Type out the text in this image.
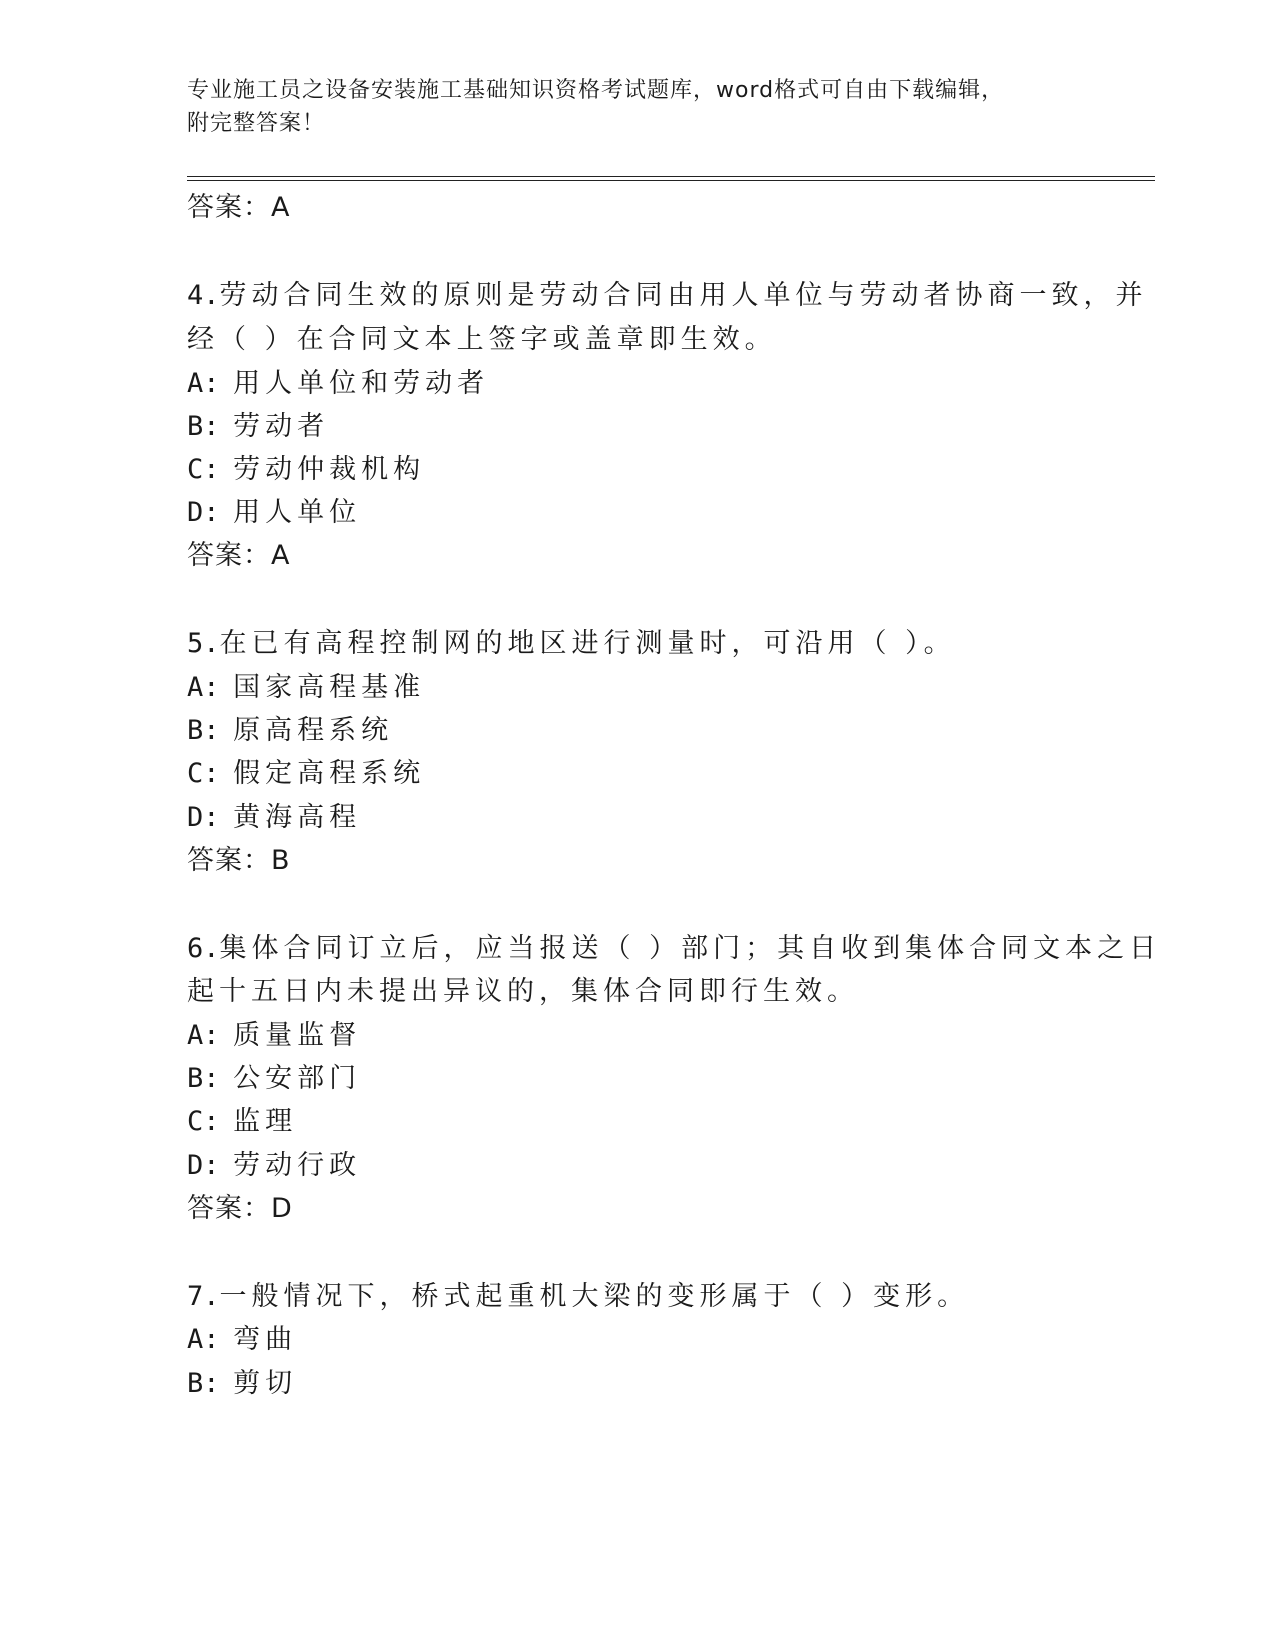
专业施工员之设备安装施工基础知识资格考试题库，word格式可自由下载编辑，
附完整答案！
答案：A
4.劳动合同生效的原则是劳动合同由用人单位与劳动者协商一致，并
经（ ）在合同文本上签字或盖章即生效。
A: 用人单位和劳动者
B: 劳动者
C: 劳动仲裁机构
D: 用人单位
答案：A
5.在已有高程控制网的地区进行测量时，可沿用（ ）。
A: 国家高程基准
B: 原高程系统
C: 假定高程系统
D: 黄海高程
答案：B
6.集体合同订立后，应当报送（ ）部门；其自收到集体合同文本之日
起十五日内未提出异议的，集体合同即行生效。
A: 质量监督
B: 公安部门
C: 监理
D: 劳动行政
答案：D
7.一般情况下，桥式起重机大梁的变形属于（ ）变形。
A: 弯曲
B: 剪切
